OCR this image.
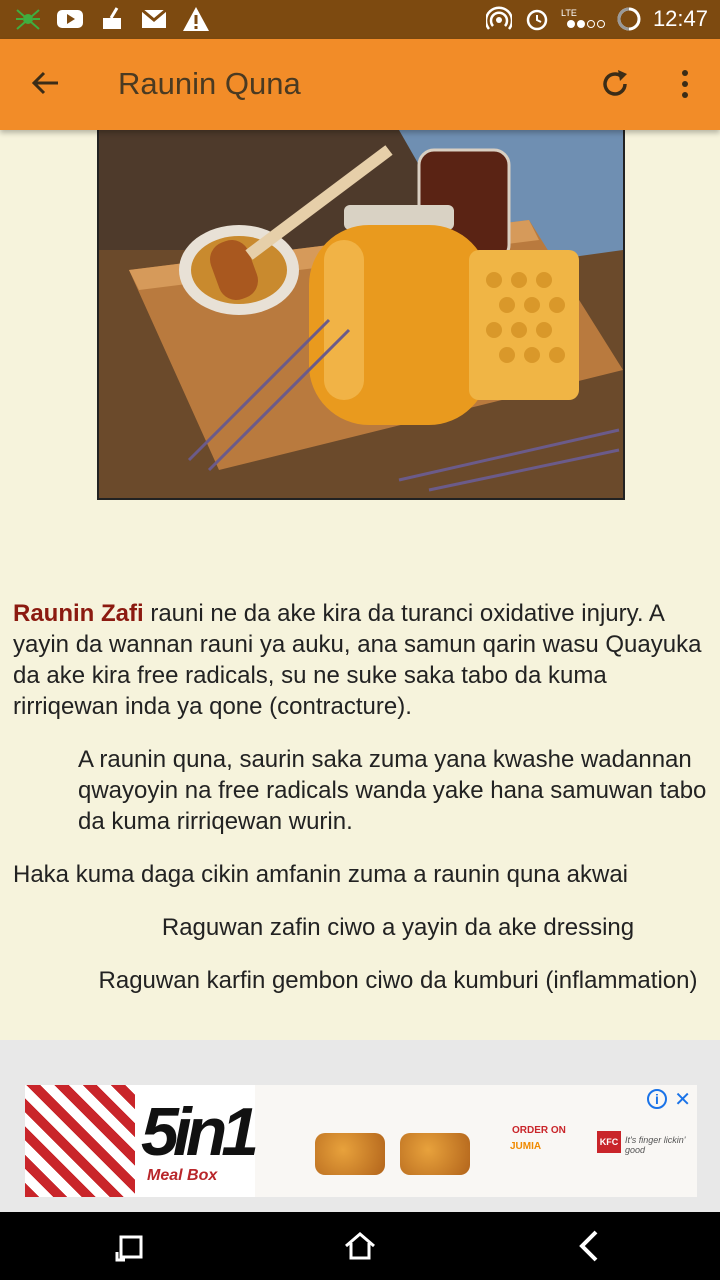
LTE	12:47
Raunin Quna

Raunin Zafi rauni ne da ake kira da turanci oxidative injury. A yayin da wannan rauni ya auku, ana samun qarin wasu Quayuka da ake kira free radicals, su ne suke saka tabo da kuma rirriqewan inda ya qone (contracture).

A raunin quna, saurin saka zuma yana kwashe wadannan qwayoyin na free radicals wanda yake hana samuwan tabo da kuma rirriqewan wurin.

Haka kuma daga cikin amfanin zuma a raunin quna akwai

Raguwan zafin ciwo a yayin da ake dressing

Raguwan karfin gembon ciwo da kumburi (inflammation)

5in1
Meal Box
ORDER ON
JUMIA	KFC It's finger lickin' good
i ✕
